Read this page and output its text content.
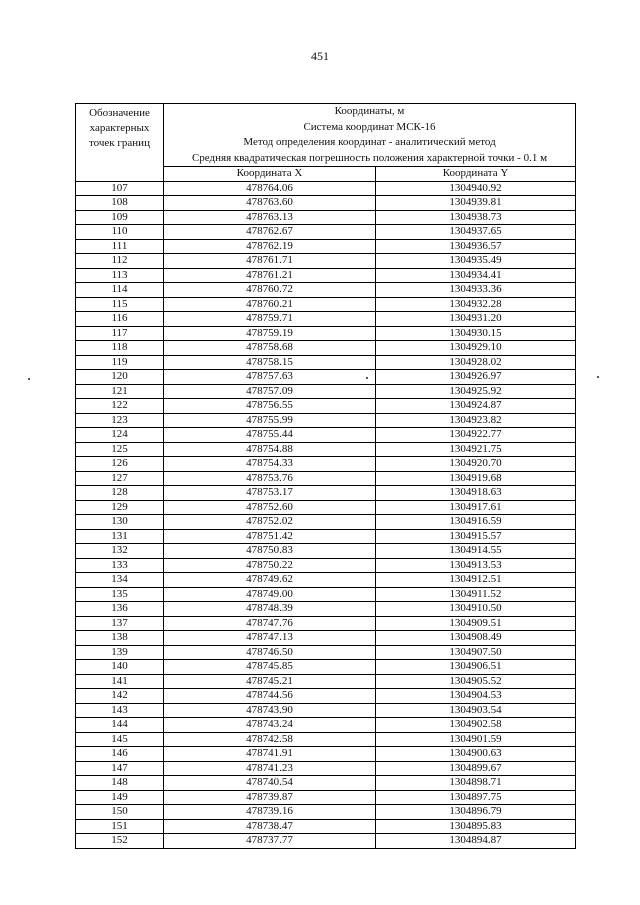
451
Обозначение
характерных
точек границ	Координаты, м
Система координат МСК-16
Метод определения координат - аналитический метод
Средняя квадратическая погрешность положения характерной точки - 0.1 м	

	Координата X	Координата Y
107	478764.06	1304940.92
108	478763.60	1304939.81
109	478763.13	1304938.73
110	478762.67	1304937.65
111	478762.19	1304936.57
112	478761.71	1304935.49
113	478761.21	1304934.41
114	478760.72	1304933.36
115	478760.21	1304932.28
116	478759.71	1304931.20
117	478759.19	1304930.15
118	478758.68	1304929.10
119	478758.15	1304928.02
120	478757.63	1304926.97
121	478757.09	1304925.92
122	478756.55	1304924.87
123	478755.99	1304923.82
124	478755.44	1304922.77
125	478754.88	1304921.75
126	478754.33	1304920.70
127	478753.76	1304919.68
128	478753.17	1304918.63
129	478752.60	1304917.61
130	478752.02	1304916.59
131	478751.42	1304915.57
132	478750.83	1304914.55
133	478750.22	1304913.53
134	478749.62	1304912.51
135	478749.00	1304911.52
136	478748.39	1304910.50
137	478747.76	1304909.51
138	478747.13	1304908.49
139	478746.50	1304907.50
140	478745.85	1304906.51
141	478745.21	1304905.52
142	478744.56	1304904.53
143	478743.90	1304903.54
144	478743.24	1304902.58
145	478742.58	1304901.59
146	478741.91	1304900.63
147	478741.23	1304899.67
148	478740.54	1304898.71
149	478739.87	1304897.75
150	478739.16	1304896.79
151	478738.47	1304895.83
152	478737.77	1304894.87
